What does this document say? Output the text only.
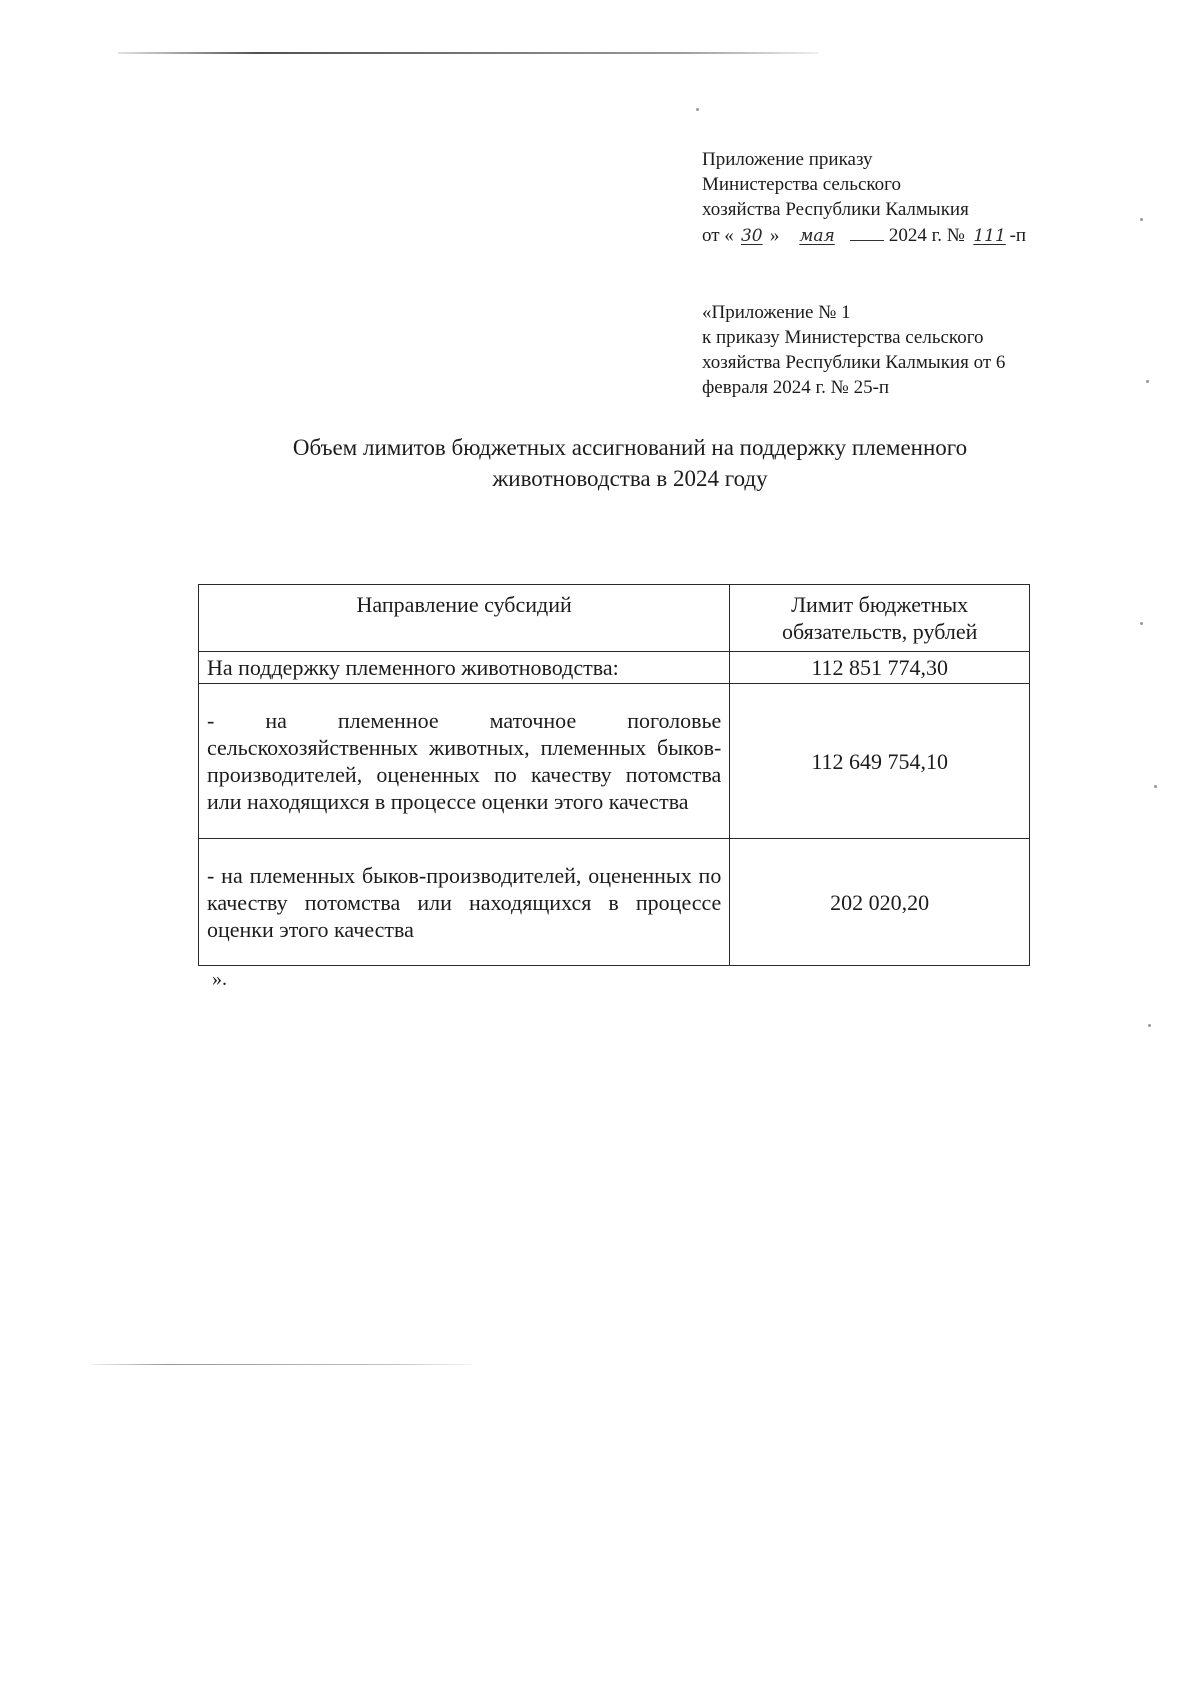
Приложение приказу
Министерства сельского
хозяйства Республики Калмыкия
от « 30 » мая	2024 г. № 111 -п
«Приложение № 1
к приказу Министерства сельского
хозяйства Республики Калмыкия от 6
февраля 2024 г. № 25-п
Объем лимитов бюджетных ассигнований на поддержку племенного
животноводства в 2024 году
Направление субсидий	Лимит бюджетных
обязательств, рублей

На поддержку племенного животноводства:	112 851 774,30
- на племенное маточное поголовье сельскохозяйственных животных, племенных быков-производителей, оцененных по качеству потомства или находящихся в процессе оценки этого качества	112 649 754,10
- на племенных быков-производителей, оцененных по качеству потомства или находящихся в процессе оценки этого качества	202 020,20
».
